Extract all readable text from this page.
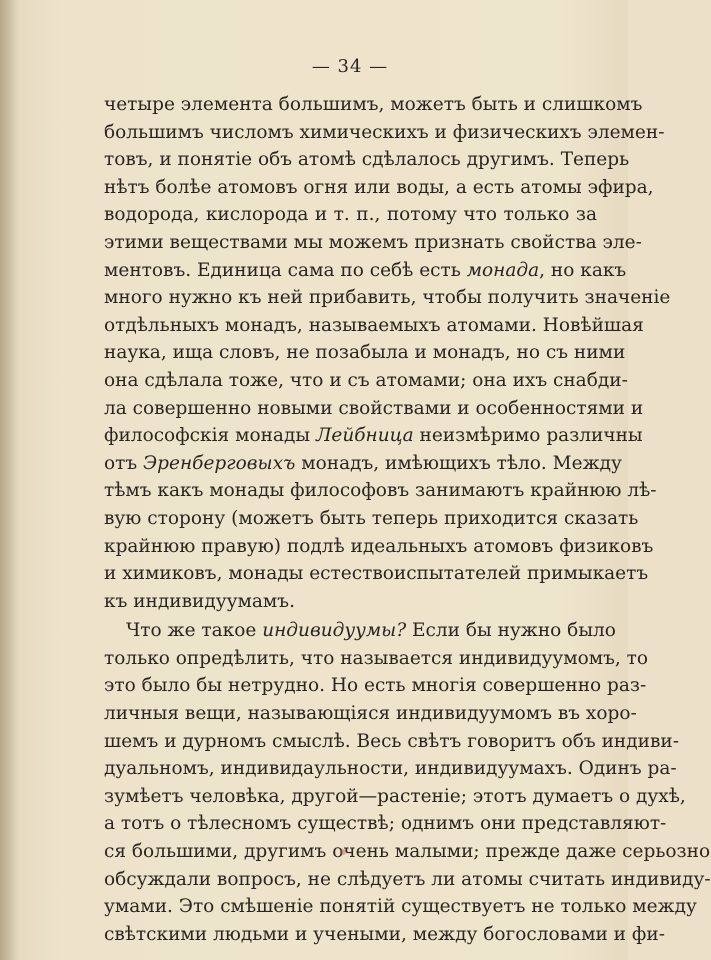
— 34 —
четыре элемента большимъ, можетъ быть и слишкомъ
большимъ числомъ химическихъ и физическихъ элемен-
товъ, и понятіе объ атомѣ сдѣлалось другимъ. Теперь
нѣтъ болѣе атомовъ огня или воды, а есть атомы эфира,
водорода, кислорода и т. п., потому что только за
этими веществами мы можемъ признать свойства эле-
ментовъ. Единица сама по себѣ есть монада, но какъ
много нужно къ ней прибавить, чтобы получить значеніе
отдѣльныхъ монадъ, называемыхъ атомами. Новѣйшая
наука, ища словъ, не позабыла и монадъ, но съ ними
она сдѣлала тоже, что и съ атомами; она ихъ снабди-
ла совершенно новыми свойствами и особенностями и
философскія монады Лейбница неизмѣримо различны
отъ Эренберговыхъ монадъ, имѣющихъ тѣло. Между
тѣмъ какъ монады философовъ занимаютъ крайнюю лѣ-
вую сторону (можетъ быть теперь приходится сказать
крайнюю правую) подлѣ идеальныхъ атомовъ физиковъ
и химиковъ, монады естествоиспытателей примыкаетъ
къ индивидуумамъ.
Что же такое индивидуумы? Если бы нужно было
только опредѣлить, что называется индивидуумомъ, то
это было бы нетрудно. Но есть многія совершенно раз-
личныя вещи, называющіяся индивидуумомъ въ хоро-
шемъ и дурномъ смыслѣ. Весь свѣтъ говоритъ объ индиви-
дуальномъ, индивидаульности, индивидуумахъ. Одинъ ра-
зумѣетъ человѣка, другой—растеніе; этотъ думаетъ о духѣ,
а тотъ о тѣлесномъ существѣ; однимъ они представляют-
ся большими, другимъ очень малыми; прежде даже серьозно
обсуждали вопросъ, не слѣдуетъ ли атомы считать индивиду-
умами. Это смѣшеніе понятій существуетъ не только между
свѣтскими людьми и учеными, между богословами и фи-
